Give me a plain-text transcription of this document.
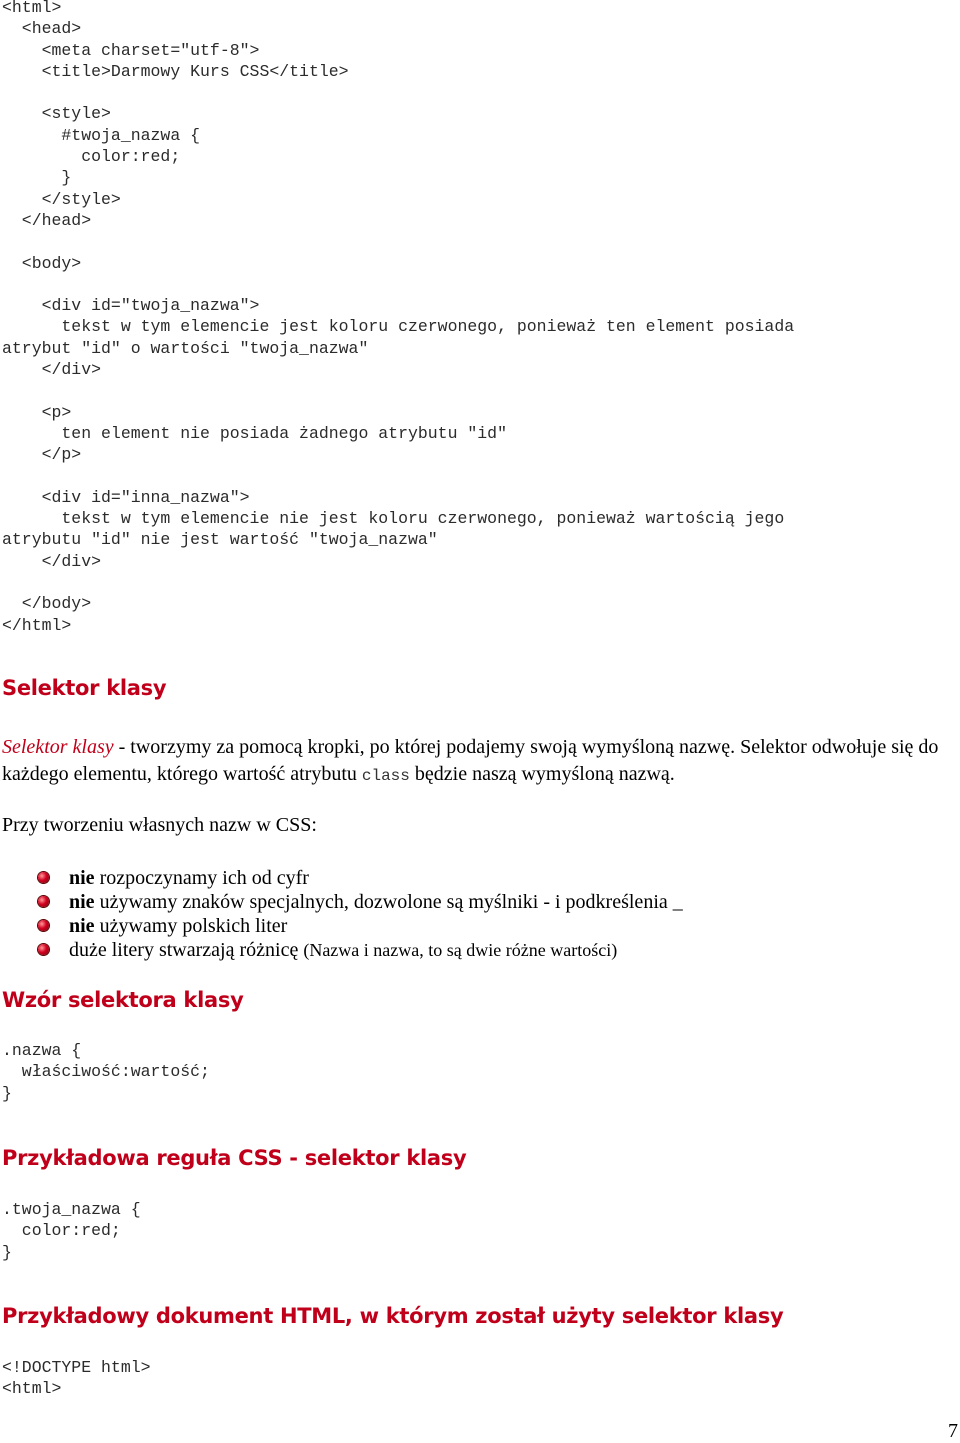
<html>
<head>
<meta charset="utf-8">
<title>Darmowy Kurs CSS</title>
<style>
#twoja_nazwa {
color:red;
}
</style>
</head>
<body>
<div id="twoja_nazwa">
tekst w tym elemencie jest koloru czerwonego, ponieważ ten element posiada
atrybut "id" o wartości "twoja_nazwa"
</div>
<p>
ten element nie posiada żadnego atrybutu "id"
</p>
<div id="inna_nazwa">
tekst w tym elemencie nie jest koloru czerwonego, ponieważ wartością jego
atrybutu "id" nie jest wartość "twoja_nazwa"
</div>
</body>
</html>
Selektor klasy

Selektor klasy - tworzymy za pomocą kropki, po której podajemy swoją wymyśloną nazwę. Selektor odwołuje się do każdego elementu, którego wartość atrybutu class będzie naszą wymyśloną nazwą.

Przy tworzeniu własnych nazw w CSS:

nie rozpoczynamy ich od cyfr
nie używamy znaków specjalnych, dozwolone są myślniki - i podkreślenia _
nie używamy polskich liter
duże litery stwarzają różnicę (Nazwa i nazwa, to są dwie różne wartości)
Wzór selektora klasy
.nazwa {
właściwość:wartość;
}
Przykładowa reguła CSS - selektor klasy
.twoja_nazwa {
color:red;
}
Przykładowy dokument HTML, w którym został użyty selektor klasy
<!DOCTYPE html>
<html>
7
